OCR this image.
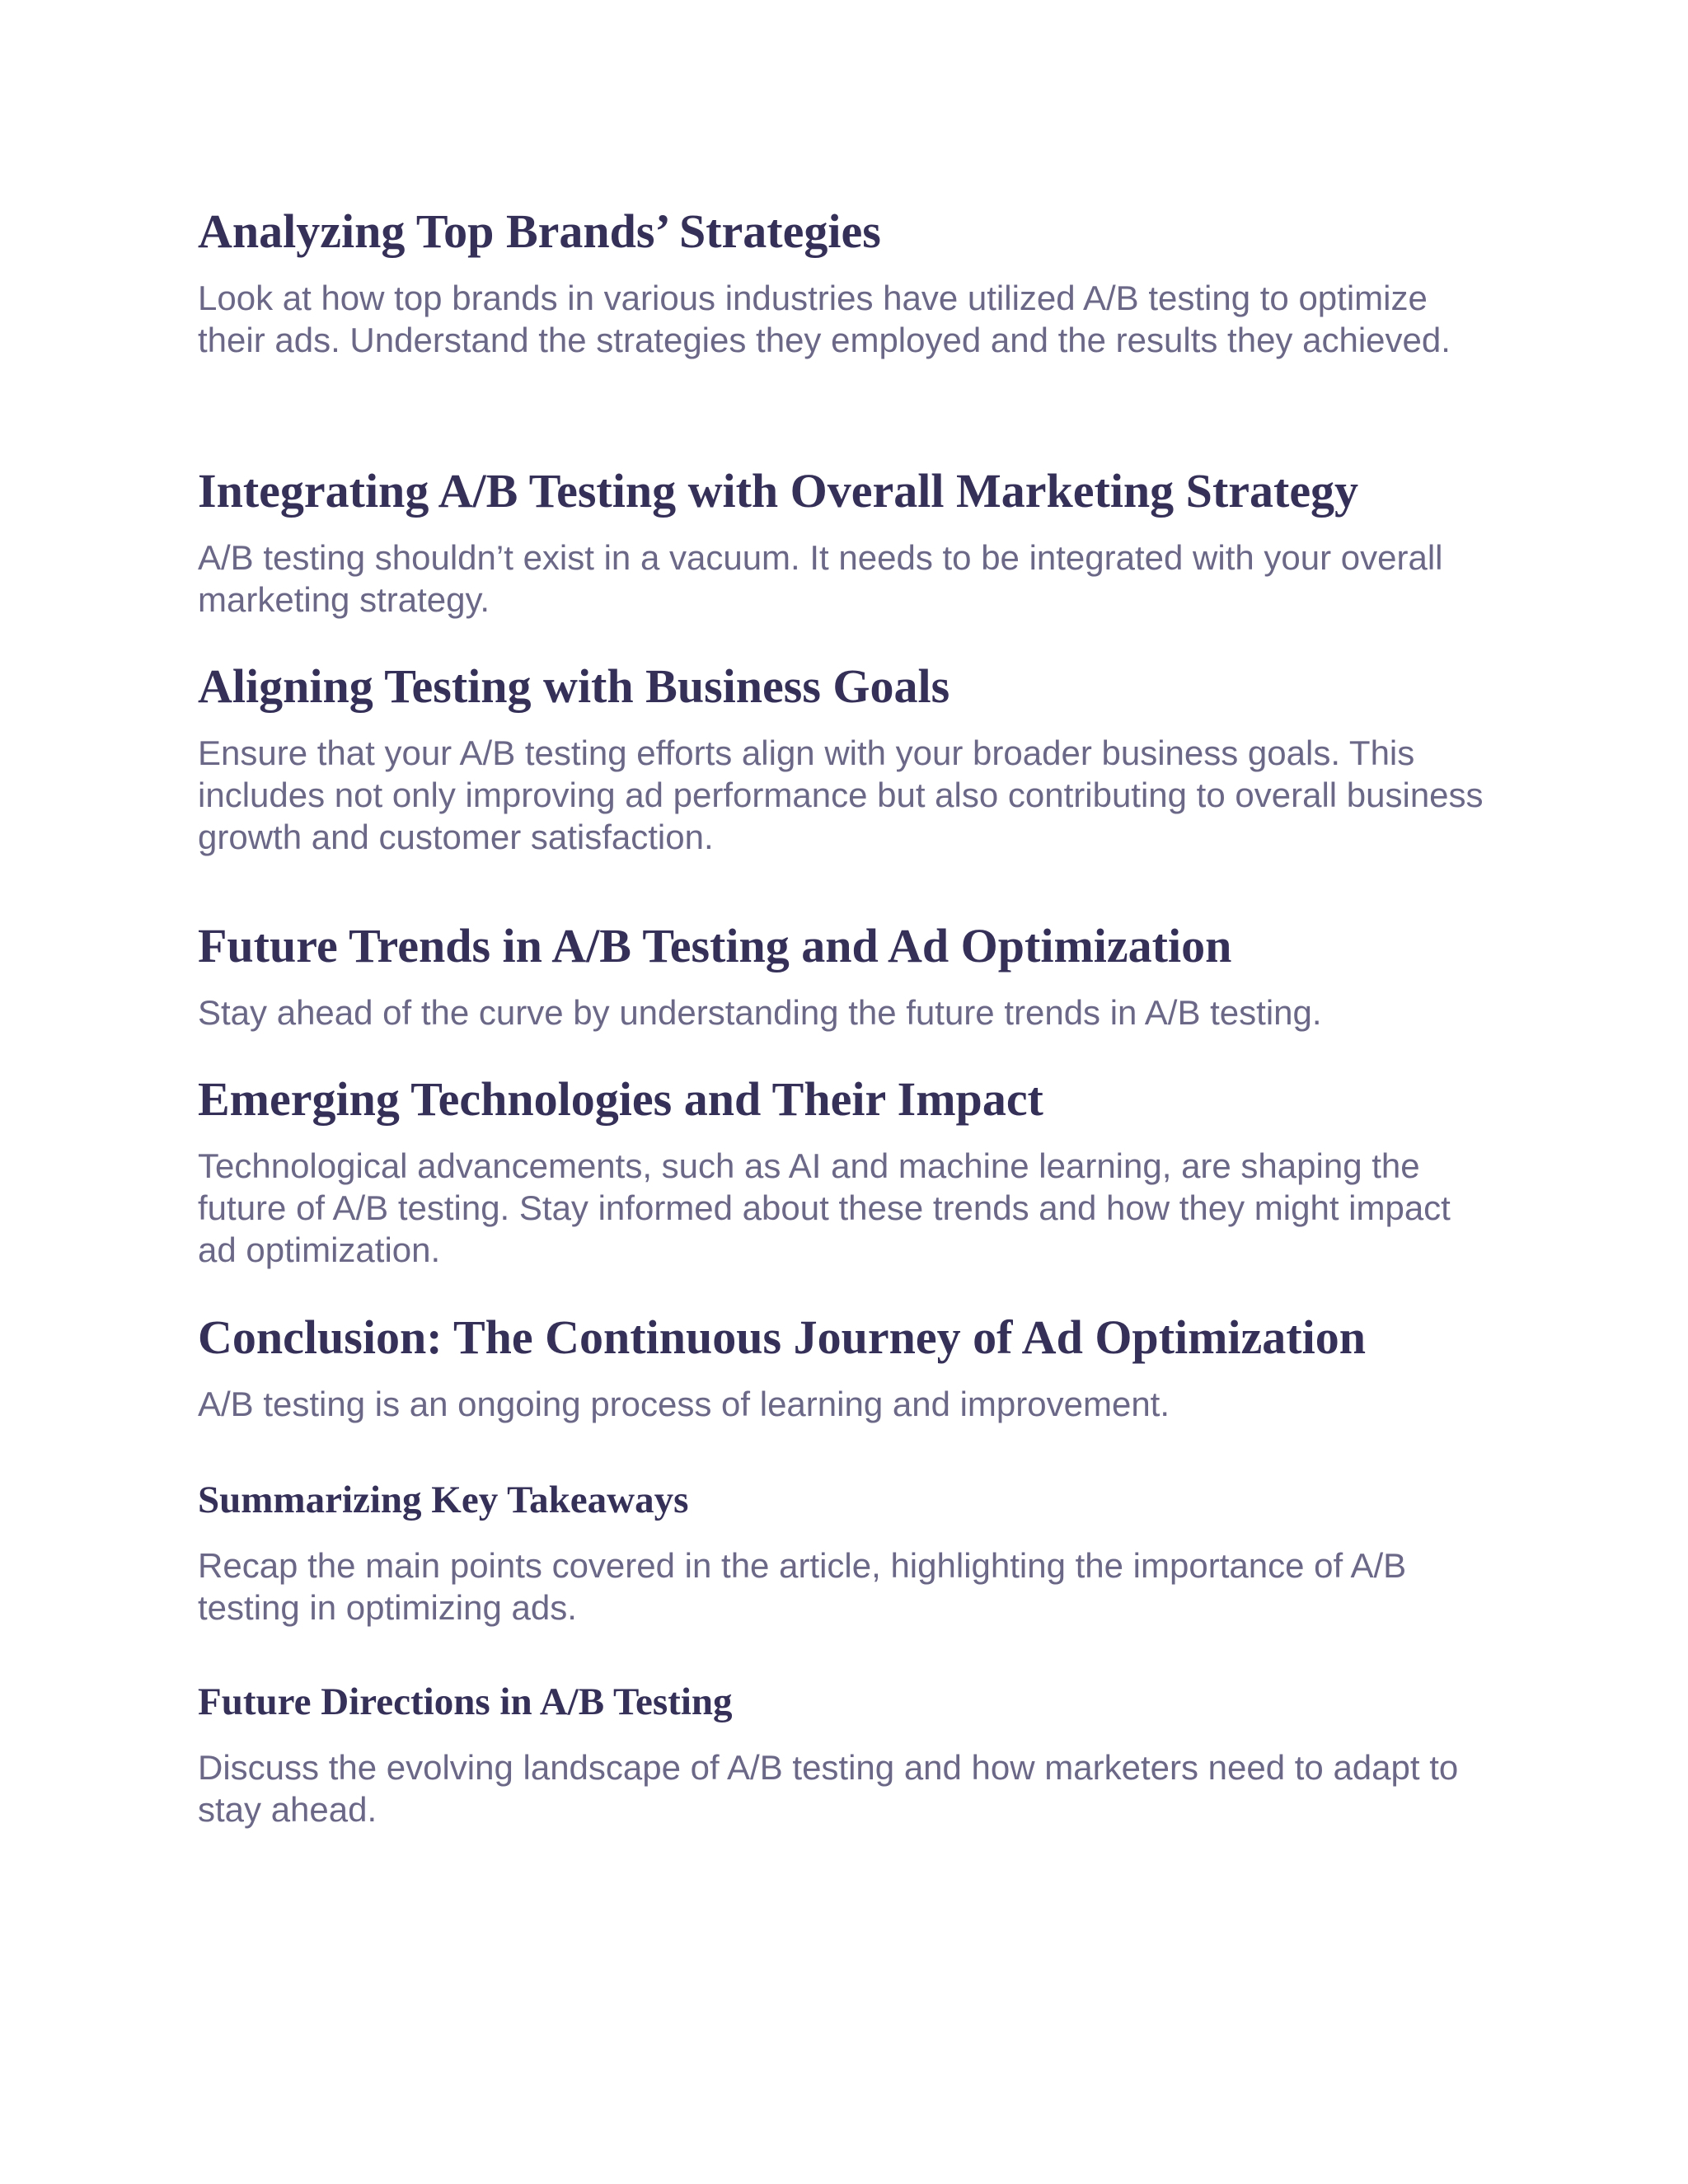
Analyzing Top Brands’ Strategies

Look at how top brands in various industries have utilized A/B testing to optimize their ads. Understand the strategies they employed and the results they achieved.

Integrating A/B Testing with Overall Marketing Strategy

A/B testing shouldn’t exist in a vacuum. It needs to be integrated with your overall marketing strategy.

Aligning Testing with Business Goals

Ensure that your A/B testing efforts align with your broader business goals. This includes not only improving ad performance but also contributing to overall business growth and customer satisfaction.

Future Trends in A/B Testing and Ad Optimization

Stay ahead of the curve by understanding the future trends in A/B testing.

Emerging Technologies and Their Impact

Technological advancements, such as AI and machine learning, are shaping the future of A/B testing. Stay informed about these trends and how they might impact ad optimization.

Conclusion: The Continuous Journey of Ad Optimization

A/B testing is an ongoing process of learning and improvement.

Summarizing Key Takeaways

Recap the main points covered in the article, highlighting the importance of A/B testing in optimizing ads.

Future Directions in A/B Testing

Discuss the evolving landscape of A/B testing and how marketers need to adapt to stay ahead.
